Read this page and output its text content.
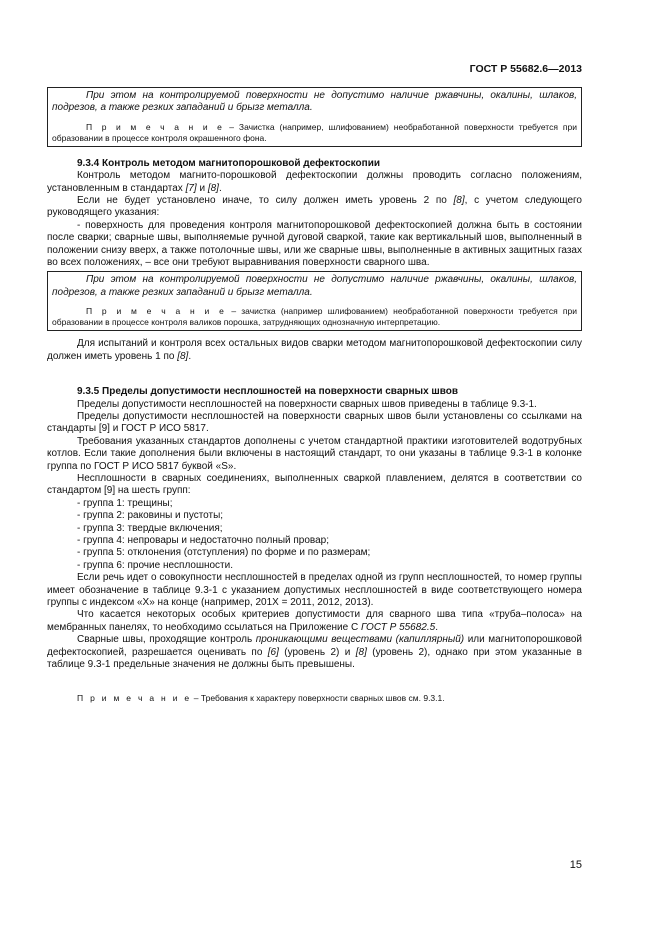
ГОСТ Р 55682.6—2013

При этом на контролируемой поверхности не допустимо наличие ржавчины, окалины, шлаков, подрезов, а также резких западаний и брызг металла.

П р и м е ч а н и е – Зачистка (например, шлифованием) необработанной поверхности требуется при образовании в процессе контроля окрашенного фона.

9.3.4 Контроль методом магнитопорошковой дефектоскопии

Контроль методом магнито-порошковой дефектоскопии должны проводить согласно положениям, установленным в стандартах [7] и [8].

Если не будет установлено иначе, то силу должен иметь уровень 2 по [8], с учетом следующего руководящего указания:

- поверхность для проведения контроля магнитопорошковой дефектоскопией должна быть в состоянии после сварки; сварные швы, выполняемые ручной дуговой сваркой, такие как вертикальный шов, выполненный в положении снизу вверх, а также потолочные швы, или же сварные швы, выполненные в активных защитных газах во всех положениях, – все они требуют выравнивания поверхности сварного шва.

При этом на контролируемой поверхности не допустимо наличие ржавчины, окалины, шлаков, подрезов, а также резких западаний и брызг металла.

П р и м е ч а н и е – зачистка (например шлифованием) необработанной поверхности требуется при образовании в процессе контроля валиков порошка, затрудняющих однозначную интерпретацию.

Для испытаний и контроля всех остальных видов сварки методом магнитопорошковой дефектоскопии силу должен иметь уровень 1 по [8].

9.3.5 Пределы допустимости несплошностей на поверхности сварных швов

Пределы допустимости несплошностей на поверхности сварных швов приведены в таблице 9.3-1.

Пределы допустимости несплошностей на поверхности сварных швов были установлены со ссылками на стандарты [9] и ГОСТ Р ИСО 5817.

Требования указанных стандартов дополнены с учетом стандартной практики изготовителей водотрубных котлов. Если такие дополнения были включены в настоящий стандарт, то они указаны в таблице 9.3-1 в колонке группа по ГОСТ Р ИСО 5817 буквой «S».

Несплошности в сварных соединениях, выполненных сваркой плавлением, делятся в соответствии со стандартом [9] на шесть групп:

- группа 1: трещины;

- группа 2: раковины и пустоты;

- группа 3: твердые включения;

- группа 4: непровары и недостаточно полный провар;

- группа 5: отклонения (отступления) по форме и по размерам;

- группа 6: прочие несплошности.

Если речь идет о совокупности несплошностей в пределах одной из групп несплошностей, то номер группы имеет обозначение в таблице 9.3-1 с указанием допустимых несплошностей в виде соответствующего номера группы с индексом «X» на конце (например, 201X = 2011, 2012, 2013).

Что касается некоторых особых критериев допустимости для сварного шва типа «труба–полоса» на мембранных панелях, то необходимо ссылаться на Приложение С ГОСТ Р 55682.5.

Сварные швы, проходящие контроль проникающими веществами (капиллярный) или магнитопорошковой дефектоскопией, разрешается оценивать по [6] (уровень 2) и [8] (уровень 2), однако при этом указанные в таблице 9.3-1 предельные значения не должны быть превышены.

П р и м е ч а н и е – Требования к характеру поверхности сварных швов см. 9.3.1.

15
